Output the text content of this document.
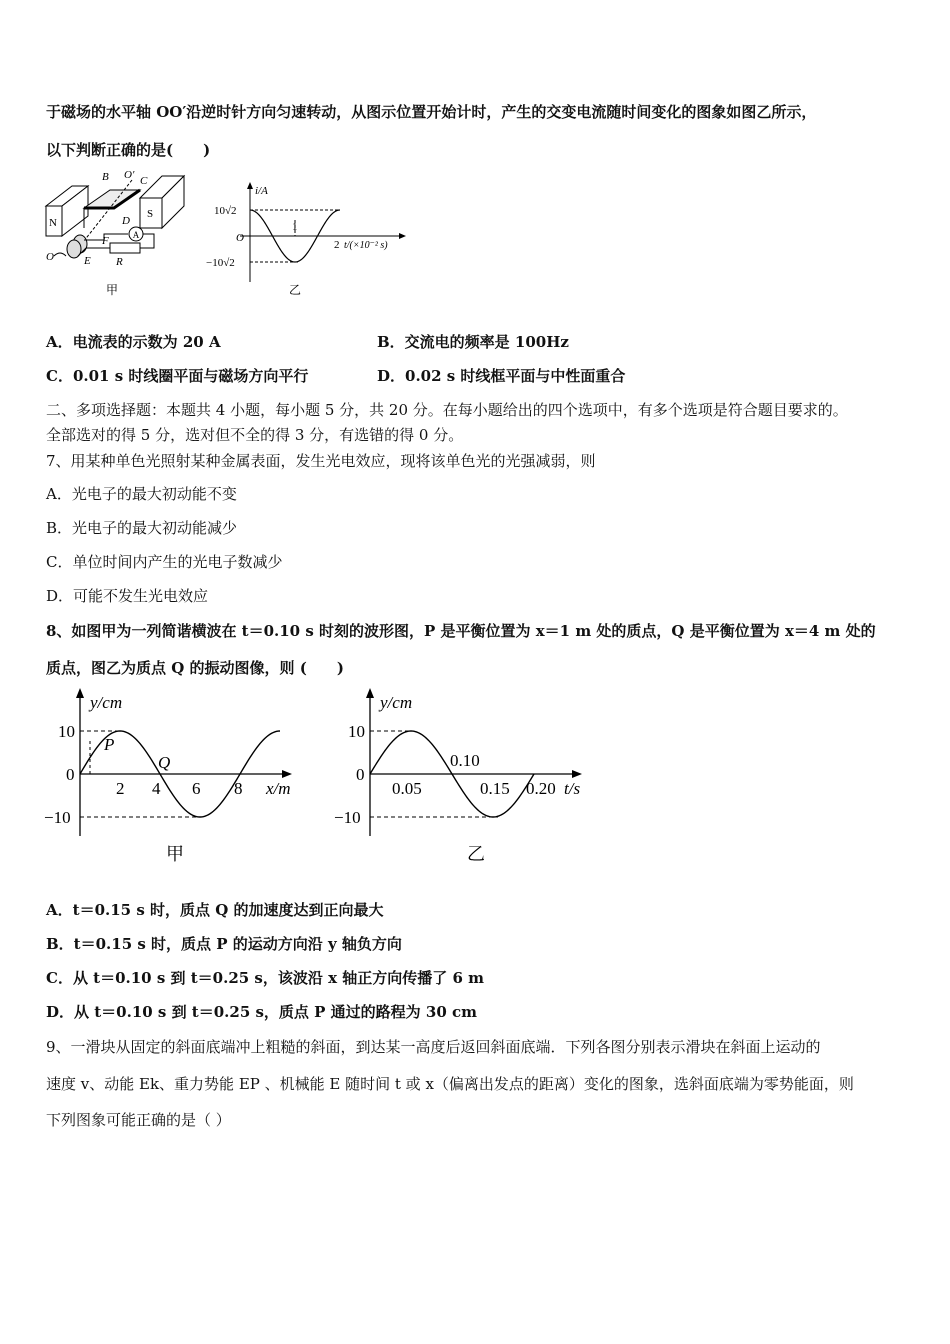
于磁场的水平轴 OO′沿逆时针方向匀速转动，从图示位置开始计时，产生的交变电流随时间变化的图象如图乙所示，
以下判断正确的是(　　)
N
S
A
B O′ C
D
F
E R
O
甲
i/A
10√2
O
−10√2
1
2 t/(×10⁻² s)
乙
A．电流表的示数为 20 A	B．交流电的频率是 100Hz
C．0.01 s 时线圈平面与磁场方向平行	D．0.02 s 时线框平面与中性面重合
二、多项选择题：本题共 4 小题，每小题 5 分，共 20 分。在每小题给出的四个选项中，有多个选项是符合题目要求的。
全部选对的得 5 分，选对但不全的得 3 分，有选错的得 0 分。
7、用某种单色光照射某种金属表面，发生光电效应，现将该单色光的光强减弱，则
A．光电子的最大初动能不变
B．光电子的最大初动能减少
C．单位时间内产生的光电子数减少
D．可能不发生光电效应
8、如图甲为一列简谐横波在 t＝0.10 s 时刻的波形图，P 是平衡位置为 x＝1 m 处的质点，Q 是平衡位置为 x＝4 m 处的
质点，图乙为质点 Q 的振动图像，则 (　　)
y/cm
10
0
−10
2 4 6 8 x/m
P
Q
甲
y/cm
10
0
−10
0.05
0.10
0.15 0.20 t/s
乙
A．t＝0.15 s 时，质点 Q 的加速度达到正向最大
B．t＝0.15 s 时，质点 P 的运动方向沿 y 轴负方向
C．从 t＝0.10 s 到 t＝0.25 s，该波沿 x 轴正方向传播了 6 m
D．从 t＝0.10 s 到 t＝0.25 s，质点 P 通过的路程为 30 cm
9、一滑块从固定的斜面底端冲上粗糙的斜面，到达某一高度后返回斜面底端．下列各图分别表示滑块在斜面上运动的
速度 v、动能 Ek、重力势能 EP 、机械能 E 随时间 t 或 x（偏离出发点的距离）变化的图象，选斜面底端为零势能面，则
下列图象可能正确的是（ ）
